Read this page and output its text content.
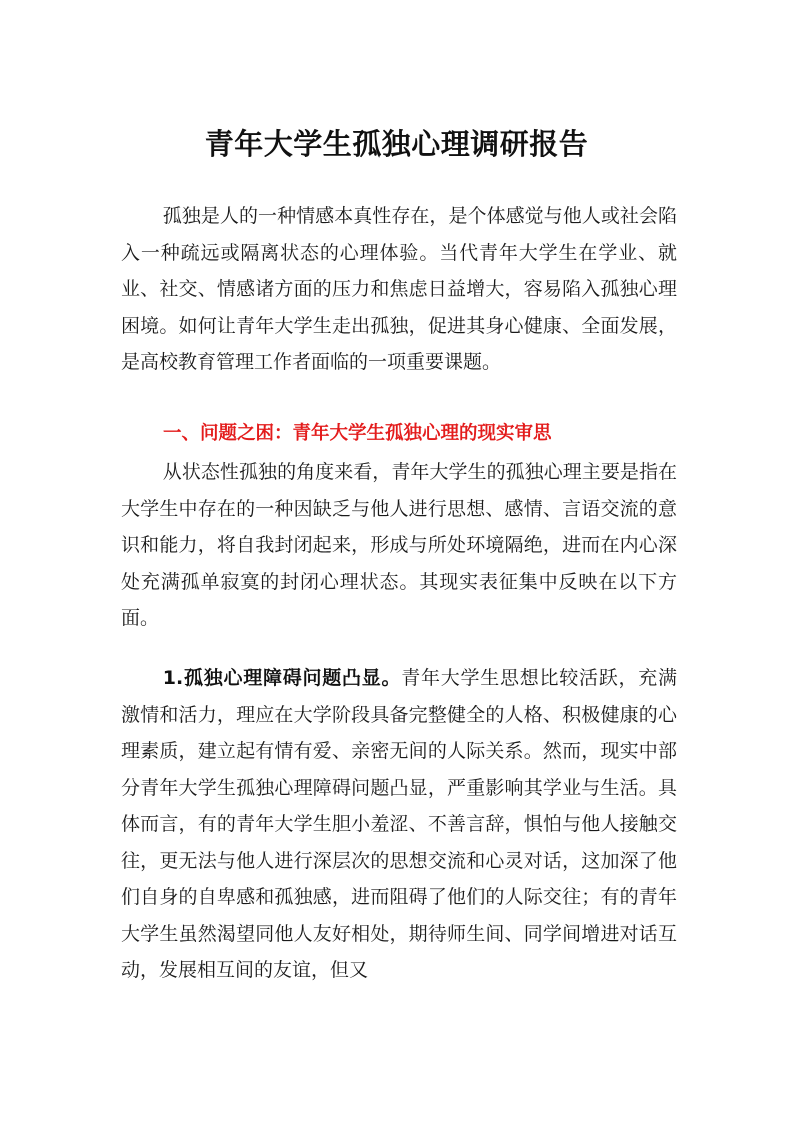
青年大学生孤独心理调研报告

孤独是人的一种情感本真性存在，是个体感觉与他人或社会陷入一种疏远或隔离状态的心理体验。当代青年大学生在学业、就业、社交、情感诸方面的压力和焦虑日益增大，容易陷入孤独心理困境。如何让青年大学生走出孤独，促进其身心健康、全面发展，是高校教育管理工作者面临的一项重要课题。

一、问题之困：青年大学生孤独心理的现实审思

从状态性孤独的角度来看，青年大学生的孤独心理主要是指在大学生中存在的一种因缺乏与他人进行思想、感情、言语交流的意识和能力，将自我封闭起来，形成与所处环境隔绝，进而在内心深处充满孤单寂寞的封闭心理状态。其现实表征集中反映在以下方面。

1.孤独心理障碍问题凸显。青年大学生思想比较活跃，充满激情和活力，理应在大学阶段具备完整健全的人格、积极健康的心理素质，建立起有情有爱、亲密无间的人际关系。然而，现实中部分青年大学生孤独心理障碍问题凸显，严重影响其学业与生活。具体而言，有的青年大学生胆小羞涩、不善言辞，惧怕与他人接触交往，更无法与他人进行深层次的思想交流和心灵对话，这加深了他们自身的自卑感和孤独感，进而阻碍了他们的人际交往；有的青年大学生虽然渴望同他人友好相处，期待师生间、同学间增进对话互动，发展相互间的友谊，但又
